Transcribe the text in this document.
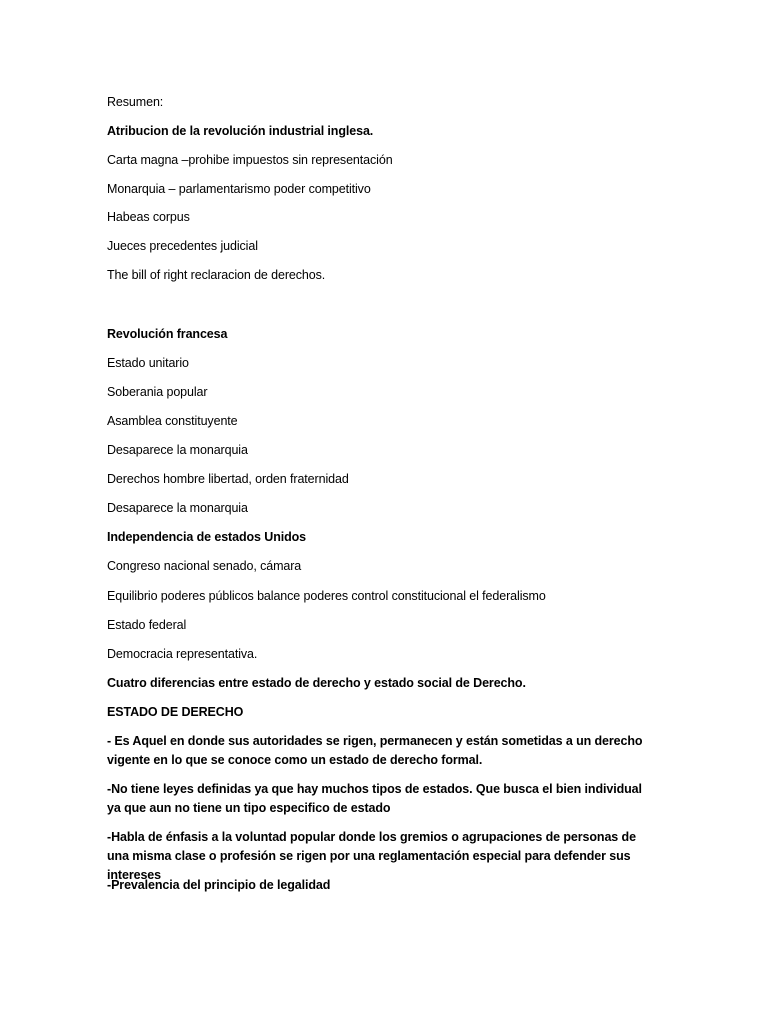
Resumen:
Atribucion de la revolución industrial inglesa.
Carta magna –prohibe impuestos sin representación
Monarquia – parlamentarismo poder competitivo
Habeas corpus
Jueces precedentes judicial
The bill of right reclaracion de derechos.
Revolución francesa
Estado unitario
Soberania popular
Asamblea constituyente
Desaparece la monarquia
Derechos hombre libertad, orden fraternidad
Desaparece la monarquia
Independencia de estados Unidos
Congreso nacional senado, cámara
Equilibrio poderes públicos balance poderes control constitucional el federalismo
Estado federal
Democracia representativa.
Cuatro diferencias entre estado de derecho y estado social de Derecho.
ESTADO DE DERECHO
- Es Aquel en donde sus autoridades se rigen, permanecen y están sometidas a un derecho vigente en lo que se conoce como un estado de derecho formal.
-No tiene leyes definidas ya que hay muchos tipos de estados. Que busca el bien individual ya que aun no tiene un tipo especifico de estado
-Habla de énfasis a la voluntad popular donde los gremios o agrupaciones de personas de una misma clase o profesión se rigen por una reglamentación especial para defender sus intereses
-Prevalencia del principio de legalidad
